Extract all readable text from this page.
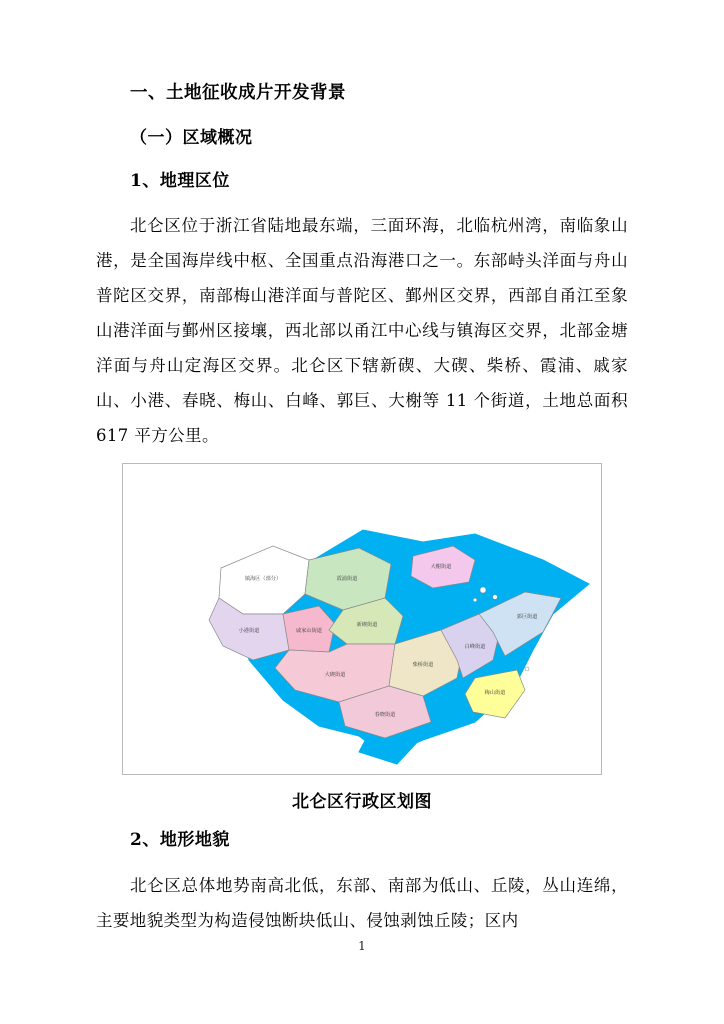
一、土地征收成片开发背景
（一）区域概况
1、地理区位

北仑区位于浙江省陆地最东端，三面环海，北临杭州湾，南临象山港，是全国海岸线中枢、全国重点沿海港口之一。东部峙头洋面与舟山普陀区交界，南部梅山港洋面与普陀区、鄞州区交界，西部自甬江至象山港洋面与鄞州区接壤，西北部以甬江中心线与镇海区交界，北部金塘洋面与舟山定海区交界。北仑区下辖新碶、大碶、柴桥、霞浦、戚家山、小港、春晓、梅山、白峰、郭巨、大榭等 11 个街道，土地总面积 617 平方公里。

镇海区（部分）
小港街道	戚家山街道
霞浦街道
新碶街道
大碶街道
柴桥街道
白峰街道
郭巨街道
春晓街道
大榭街道
梅山街道
北仑区行政区划图
2、地形地貌

北仑区总体地势南高北低，东部、南部为低山、丘陵，丛山连绵，主要地貌类型为构造侵蚀断块低山、侵蚀剥蚀丘陵；区内

1
